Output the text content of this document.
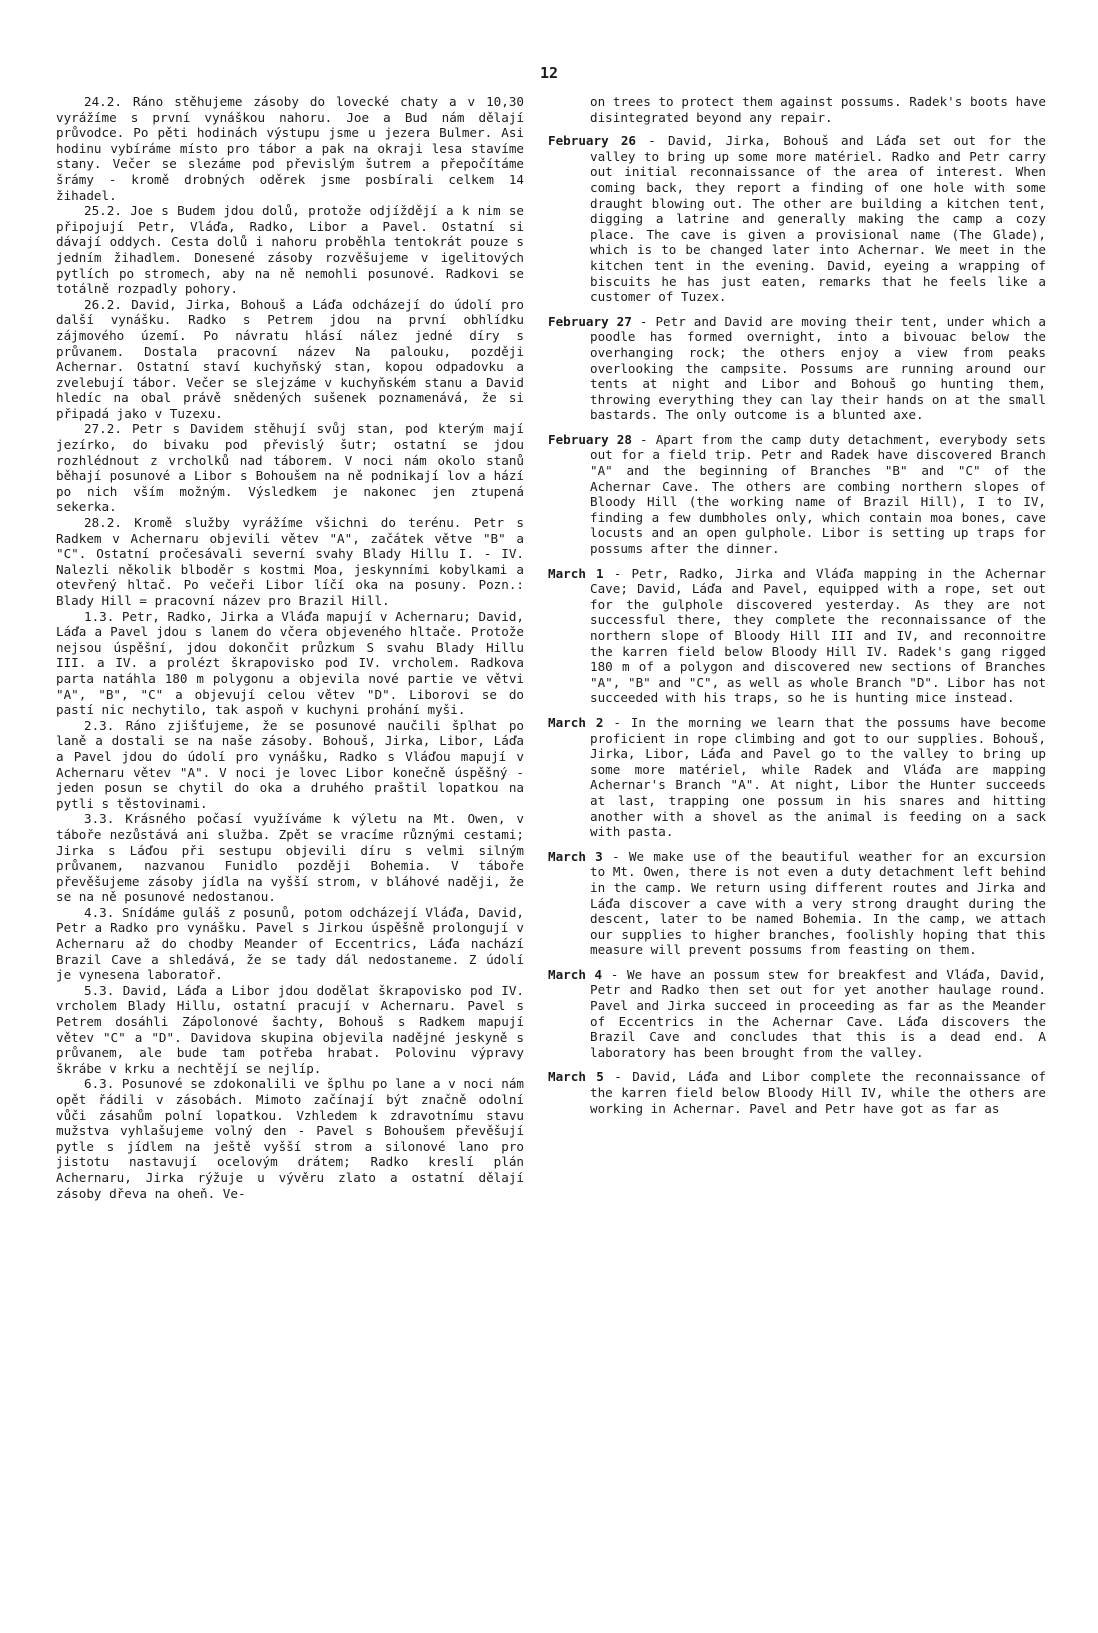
12

24.2. Ráno stěhujeme zásoby do lovecké chaty a v 10,30 vyrážíme s první vynáškou nahoru. Joe a Bud nám dělají průvodce. Po pěti hodinách výstupu jsme u jezera Bulmer. Asi hodinu vybíráme místo pro tábor a pak na okraji lesa stavíme stany. Večer se slezáme pod převislým šutrem a přepočítáme šrámy - kromě drobných oděrek jsme posbírali celkem 14 žihadel.

25.2. Joe s Budem jdou dolů, protože odjíždějí a k nim se připojují Petr, Vláďa, Radko, Libor a Pavel. Ostatní si dávají oddych. Cesta dolů i nahoru proběhla tentokrát pouze s jedním žihadlem. Donesené zásoby rozvěšujeme v igelitových pytlích po stromech, aby na ně nemohli posunové. Radkovi se totálně rozpadly pohory.

26.2. David, Jirka, Bohouš a Láďa odcházejí do údolí pro další vynášku. Radko s Petrem jdou na první obhlídku zájmového území. Po návratu hlásí nález jedné díry s průvanem. Dostala pracovní název Na palouku, později Achernar. Ostatní staví kuchyňský stan, kopou odpadovku a zvelebují tábor. Večer se slejzáme v kuchyňském stanu a David hledíc na obal právě snědených sušenek poznamenává, že si připadá jako v Tuzexu.

27.2. Petr s Davidem stěhují svůj stan, pod kterým mají jezírko, do bivaku pod převislý šutr; ostatní se jdou rozhlédnout z vrcholků nad táborem. V noci nám okolo stanů běhají posunové a Libor s Bohoušem na ně podnikají lov a hází po nich vším možným. Výsledkem je nakonec jen ztupená sekerka.

28.2. Kromě služby vyrážíme všichni do terénu. Petr s Radkem v Achernaru objevili větev "A", začátek větve "B" a "C". Ostatní pročesávali severní svahy Blady Hillu I. - IV. Nalezli několik blboděr s kostmi Moa, jeskynními kobylkami a otevřený hltač. Po večeři Libor líčí oka na posuny. Pozn.: Blady Hill = pracovní název pro Brazil Hill.

1.3. Petr, Radko, Jirka a Vláďa mapují v Achernaru; David, Láďa a Pavel jdou s lanem do včera objeveného hltače. Protože nejsou úspěšní, jdou dokončit průzkum S svahu Blady Hillu III. a IV. a prolézt škrapovisko pod IV. vrcholem. Radkova parta natáhla 180 m polygonu a objevila nové partie ve větvi "A", "B", "C" a objevují celou větev "D". Liborovi se do pastí nic nechytilo, tak aspoň v kuchyni prohání myši.

2.3. Ráno zjišťujeme, že se posunové naučili šplhat po laně a dostali se na naše zásoby. Bohouš, Jirka, Libor, Láďa a Pavel jdou do údolí pro vynášku, Radko s Vláďou mapují v Achernaru větev "A". V noci je lovec Libor konečně úspěšný - jeden posun se chytil do oka a druhého praštil lopatkou na pytli s těstovinami.

3.3. Krásného počasí využíváme k výletu na Mt. Owen, v táboře nezůstává ani služba. Zpět se vracíme různými cestami; Jirka s Láďou při sestupu objevili díru s velmi silným průvanem, nazvanou Funidlo později Bohemia. V táboře převěšujeme zásoby jídla na vyšší strom, v bláhové naději, že se na ně posunové nedostanou.

4.3. Snídáme guláš z posunů, potom odcházejí Vláďa, David, Petr a Radko pro vynášku. Pavel s Jirkou úspěšně prolongují v Achernaru až do chodby Meander of Eccentrics, Láďa nachází Brazil Cave a shledává, že se tady dál nedostaneme. Z údolí je vynesena laboratoř.

5.3. David, Láďa a Libor jdou dodělat škrapovisko pod IV. vrcholem Blady Hillu, ostatní pracují v Achernaru. Pavel s Petrem dosáhli Zápolonové šachty, Bohouš s Radkem mapují větev "C" a "D". Davidova skupina objevila nadějné jeskyně s průvanem, ale bude tam potřeba hrabat. Polovinu výpravy škrábe v krku a nechtějí se nejlíp.

6.3. Posunové se zdokonalili ve šplhu po lane a v noci nám opět řádili v zásobách. Mimoto začínají být značně odolní vůči zásahům polní lopatkou. Vzhledem k zdravotnímu stavu mužstva vyhlašujeme volný den - Pavel s Bohoušem převěšují pytle s jídlem na ještě vyšší strom a silonové lano pro jistotu nastavují ocelovým drátem; Radko kreslí plán Achernaru, Jirka rýžuje u vývěru zlato a ostatní dělají zásoby dřeva na oheň. Ve-

on trees to protect them against possums. Radek's boots have disintegrated beyond any repair.
February 26 - David, Jirka, Bohouš and Láďa set out for the valley to bring up some more matériel. Radko and Petr carry out initial reconnaissance of the area of interest. When coming back, they report a finding of one hole with some draught blowing out. The other are building a kitchen tent, digging a latrine and generally making the camp a cozy place. The cave is given a provisional name (The Glade), which is to be changed later into Achernar. We meet in the kitchen tent in the evening. David, eyeing a wrapping of biscuits he has just eaten, remarks that he feels like a customer of Tuzex.
February 27 - Petr and David are moving their tent, under which a poodle has formed overnight, into a bivouac below the overhanging rock; the others enjoy a view from peaks overlooking the campsite. Possums are running around our tents at night and Libor and Bohouš go hunting them, throwing everything they can lay their hands on at the small bastards. The only outcome is a blunted axe.
February 28 - Apart from the camp duty detachment, everybody sets out for a field trip. Petr and Radek have discovered Branch "A" and the beginning of Branches "B" and "C" of the Achernar Cave. The others are combing northern slopes of Bloody Hill (the working name of Brazil Hill), I to IV, finding a few dumbholes only, which contain moa bones, cave locusts and an open gulphole. Libor is setting up traps for possums after the dinner.
March 1 - Petr, Radko, Jirka and Vláďa mapping in the Achernar Cave; David, Láďa and Pavel, equipped with a rope, set out for the gulphole discovered yesterday. As they are not successful there, they complete the reconnaissance of the northern slope of Bloody Hill III and IV, and reconnoitre the karren field below Bloody Hill IV. Radek's gang rigged 180 m of a polygon and discovered new sections of Branches "A", "B" and "C", as well as whole Branch "D". Libor has not succeeded with his traps, so he is hunting mice instead.
March 2 - In the morning we learn that the possums have become proficient in rope climbing and got to our supplies. Bohouš, Jirka, Libor, Láďa and Pavel go to the valley to bring up some more matériel, while Radek and Vláďa are mapping Achernar's Branch "A". At night, Libor the Hunter succeeds at last, trapping one possum in his snares and hitting another with a shovel as the animal is feeding on a sack with pasta.
March 3 - We make use of the beautiful weather for an excursion to Mt. Owen, there is not even a duty detachment left behind in the camp. We return using different routes and Jirka and Láďa discover a cave with a very strong draught during the descent, later to be named Bohemia. In the camp, we attach our supplies to higher branches, foolishly hoping that this measure will prevent possums from feasting on them.
March 4 - We have an possum stew for breakfest and Vláďa, David, Petr and Radko then set out for yet another haulage round. Pavel and Jirka succeed in proceeding as far as the Meander of Eccentrics in the Achernar Cave. Láďa discovers the Brazil Cave and concludes that this is a dead end. A laboratory has been brought from the valley.
March 5 - David, Láďa and Libor complete the reconnaissance of the karren field below Bloody Hill IV, while the others are working in Achernar. Pavel and Petr have got as far as
